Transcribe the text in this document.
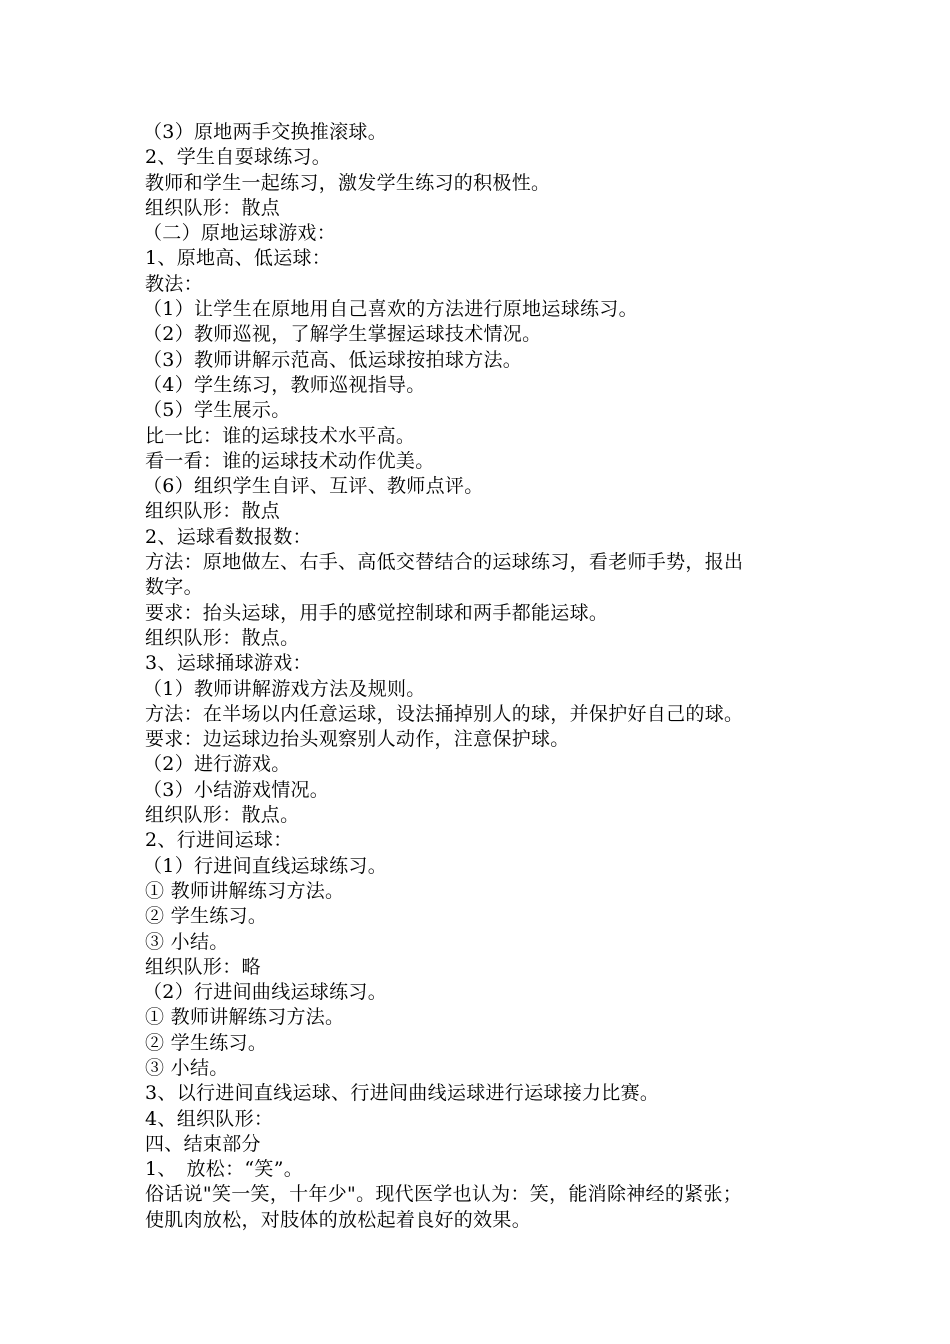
（3）原地两手交换推滚球。
2、学生自耍球练习。
教师和学生一起练习，激发学生练习的积极性。
组织队形：散点
（二）原地运球游戏：
1、原地高、低运球：
教法：
（1）让学生在原地用自己喜欢的方法进行原地运球练习。
（2）教师巡视，了解学生掌握运球技术情况。
（3）教师讲解示范高、低运球按拍球方法。
（4）学生练习，教师巡视指导。
（5）学生展示。
比一比：谁的运球技术水平高。
看一看：谁的运球技术动作优美。
（6）组织学生自评、互评、教师点评。
组织队形：散点
2、运球看数报数：
方法：原地做左、右手、高低交替结合的运球练习，看老师手势，报出
数字。
要求：抬头运球，用手的感觉控制球和两手都能运球。
组织队形：散点。
3、运球捅球游戏：
（1）教师讲解游戏方法及规则。
方法：在半场以内任意运球，设法捅掉别人的球，并保护好自己的球。
要求：边运球边抬头观察别人动作，注意保护球。
（2）进行游戏。
（3）小结游戏情况。
组织队形：散点。
2、行进间运球：
（1）行进间直线运球练习。
① 教师讲解练习方法。
② 学生练习。
③ 小结。
组织队形：略
（2）行进间曲线运球练习。
① 教师讲解练习方法。
② 学生练习。
③ 小结。
3、以行进间直线运球、行进间曲线运球进行运球接力比赛。
4、组织队形：
四、结束部分
1、　放松：“笑”。
俗话说"笑一笑，十年少"。现代医学也认为：笑，能消除神经的紧张；
使肌肉放松，对肢体的放松起着良好的效果。
